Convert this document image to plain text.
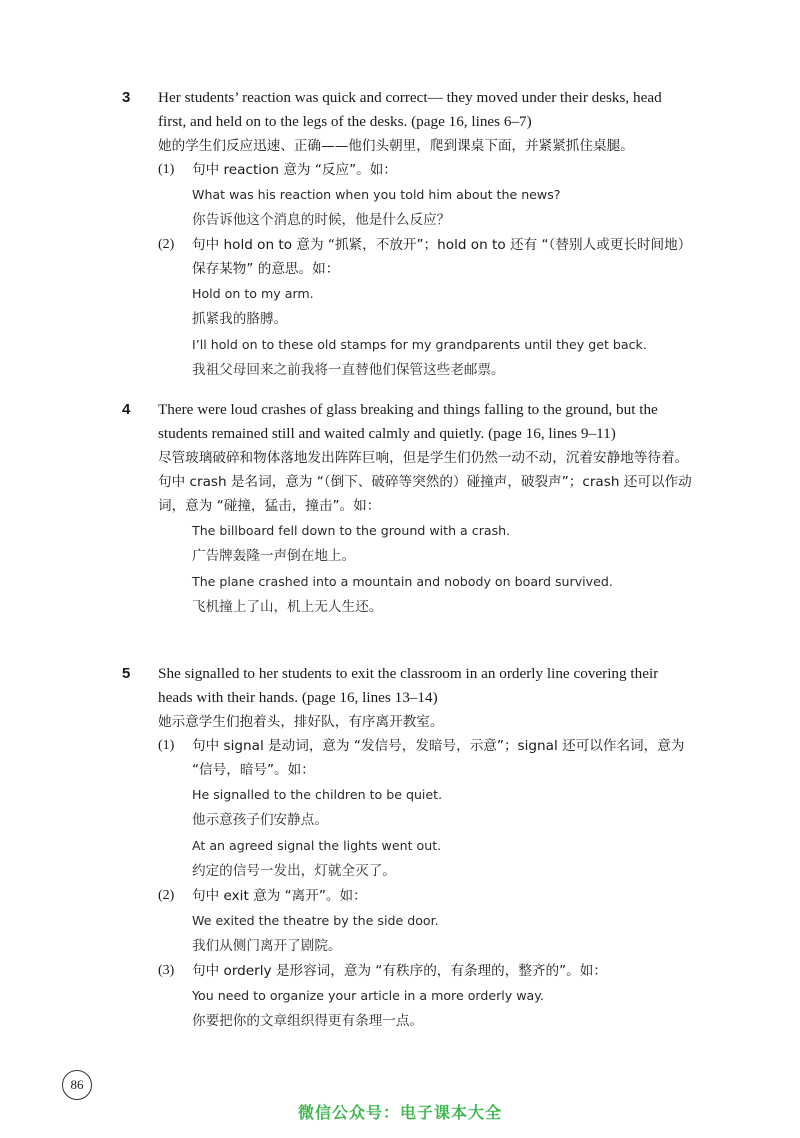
3 Her students’ reaction was quick and correct— they moved under their desks, head first, and held on to the legs of the desks. (page 16, lines 6–7)
她的学生们反应迅速、正确——他们头朝里，爬到课桌下面，并紧紧抓住桌腿。
(1) 句中 reaction 意为 “反应”。如：
What was his reaction when you told him about the news?
你告诉他这个消息的时候，他是什么反应？
(2) 句中 hold on to 意为 “抓紧，不放开”；hold on to 还有 “（替别人或更长时间地）保存某物” 的意思。如：
Hold on to my arm.
抓紧我的胳膊。
I’ll hold on to these old stamps for my grandparents until they get back.
我祖父母回来之前我将一直替他们保管这些老邮票。
4 There were loud crashes of glass breaking and things falling to the ground, but the students remained still and waited calmly and quietly. (page 16, lines 9–11)
尽管玻璃破碎和物体落地发出阵阵巨响，但是学生们仍然一动不动，沉着安静地等待着。
句中 crash 是名词，意为 “（倒下、破碎等突然的）碰撞声，破裂声”；crash 还可以作动词，意为 “碰撞，猛击，撞击”。如：
The billboard fell down to the ground with a crash.
广告牌轰隆一声倒在地上。
The plane crashed into a mountain and nobody on board survived.
飞机撞上了山，机上无人生还。
5 She signalled to her students to exit the classroom in an orderly line covering their heads with their hands. (page 16, lines 13–14)
她示意学生们抱着头，排好队，有序离开教室。
(1) 句中 signal 是动词，意为 “发信号，发暗号，示意”；signal 还可以作名词，意为 “信号，暗号”。如：
He signalled to the children to be quiet.
他示意孩子们安静点。
At an agreed signal the lights went out.
约定的信号一发出，灯就全灭了。
(2) 句中 exit 意为 “离开”。如：
We exited the theatre by the side door.
我们从侧门离开了剧院。
(3) 句中 orderly 是形容词，意为 “有秩序的，有条理的，整齐的”。如：
You need to organize your article in a more orderly way.
你要把你的文章组织得更有条理一点。
86
微信公众号：电子课本大全
